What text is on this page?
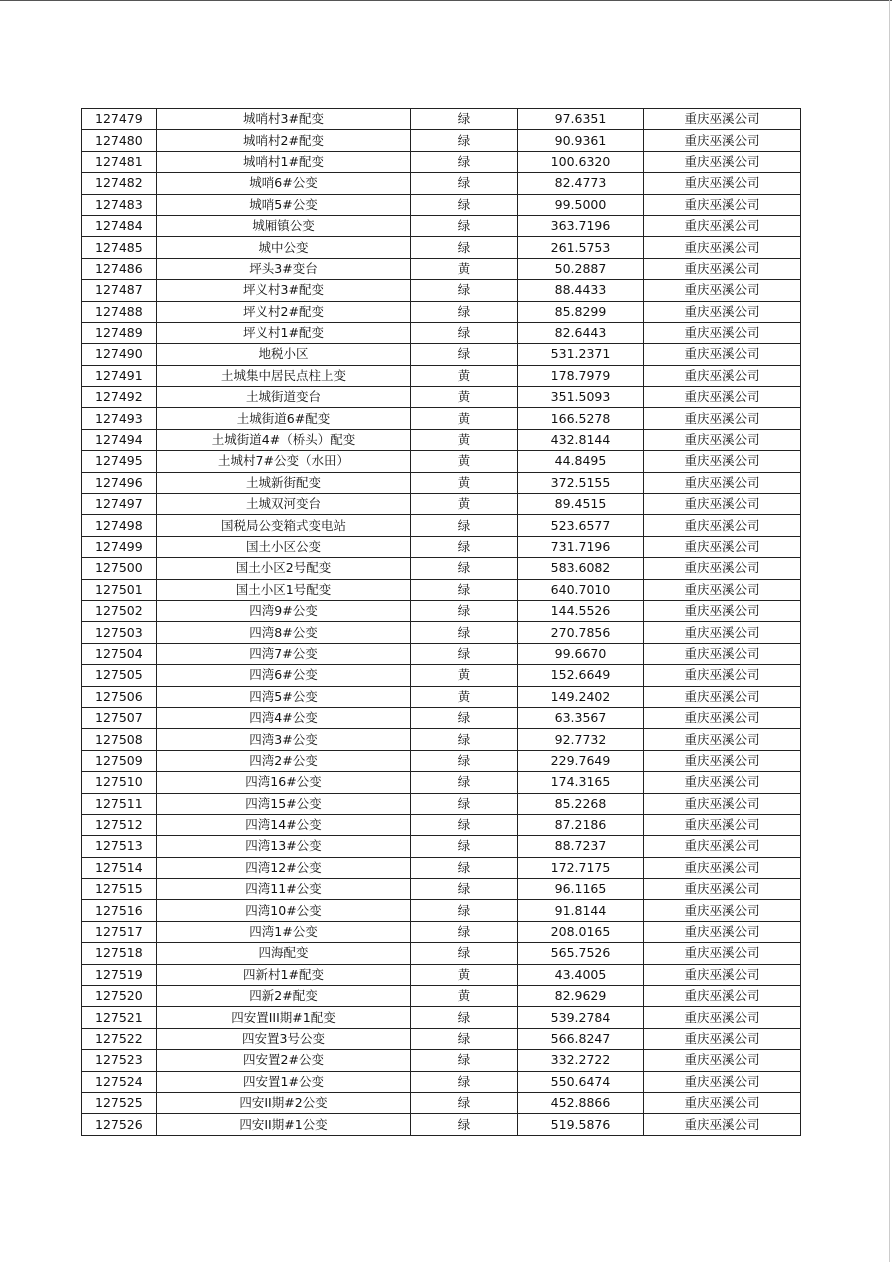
127479	城哨村3#配变	绿	97.6351	重庆巫溪公司
127480	城哨村2#配变	绿	90.9361	重庆巫溪公司
127481	城哨村1#配变	绿	100.6320	重庆巫溪公司
127482	城哨6#公变	绿	82.4773	重庆巫溪公司
127483	城哨5#公变	绿	99.5000	重庆巫溪公司
127484	城厢镇公变	绿	363.7196	重庆巫溪公司
127485	城中公变	绿	261.5753	重庆巫溪公司
127486	坪头3#变台	黄	50.2887	重庆巫溪公司
127487	坪义村3#配变	绿	88.4433	重庆巫溪公司
127488	坪义村2#配变	绿	85.8299	重庆巫溪公司
127489	坪义村1#配变	绿	82.6443	重庆巫溪公司
127490	地税小区	绿	531.2371	重庆巫溪公司
127491	土城集中居民点柱上变	黄	178.7979	重庆巫溪公司
127492	土城街道变台	黄	351.5093	重庆巫溪公司
127493	土城街道6#配变	黄	166.5278	重庆巫溪公司
127494	土城街道4#（桥头）配变	黄	432.8144	重庆巫溪公司
127495	土城村7#公变（水田）	黄	44.8495	重庆巫溪公司
127496	土城新街配变	黄	372.5155	重庆巫溪公司
127497	土城双河变台	黄	89.4515	重庆巫溪公司
127498	国税局公变箱式变电站	绿	523.6577	重庆巫溪公司
127499	国土小区公变	绿	731.7196	重庆巫溪公司
127500	国土小区2号配变	绿	583.6082	重庆巫溪公司
127501	国土小区1号配变	绿	640.7010	重庆巫溪公司
127502	四湾9#公变	绿	144.5526	重庆巫溪公司
127503	四湾8#公变	绿	270.7856	重庆巫溪公司
127504	四湾7#公变	绿	99.6670	重庆巫溪公司
127505	四湾6#公变	黄	152.6649	重庆巫溪公司
127506	四湾5#公变	黄	149.2402	重庆巫溪公司
127507	四湾4#公变	绿	63.3567	重庆巫溪公司
127508	四湾3#公变	绿	92.7732	重庆巫溪公司
127509	四湾2#公变	绿	229.7649	重庆巫溪公司
127510	四湾16#公变	绿	174.3165	重庆巫溪公司
127511	四湾15#公变	绿	85.2268	重庆巫溪公司
127512	四湾14#公变	绿	87.2186	重庆巫溪公司
127513	四湾13#公变	绿	88.7237	重庆巫溪公司
127514	四湾12#公变	绿	172.7175	重庆巫溪公司
127515	四湾11#公变	绿	96.1165	重庆巫溪公司
127516	四湾10#公变	绿	91.8144	重庆巫溪公司
127517	四湾1#公变	绿	208.0165	重庆巫溪公司
127518	四海配变	绿	565.7526	重庆巫溪公司
127519	四新村1#配变	黄	43.4005	重庆巫溪公司
127520	四新2#配变	黄	82.9629	重庆巫溪公司
127521	四安置III期#1配变	绿	539.2784	重庆巫溪公司
127522	四安置3号公变	绿	566.8247	重庆巫溪公司
127523	四安置2#公变	绿	332.2722	重庆巫溪公司
127524	四安置1#公变	绿	550.6474	重庆巫溪公司
127525	四安II期#2公变	绿	452.8866	重庆巫溪公司
127526	四安II期#1公变	绿	519.5876	重庆巫溪公司
